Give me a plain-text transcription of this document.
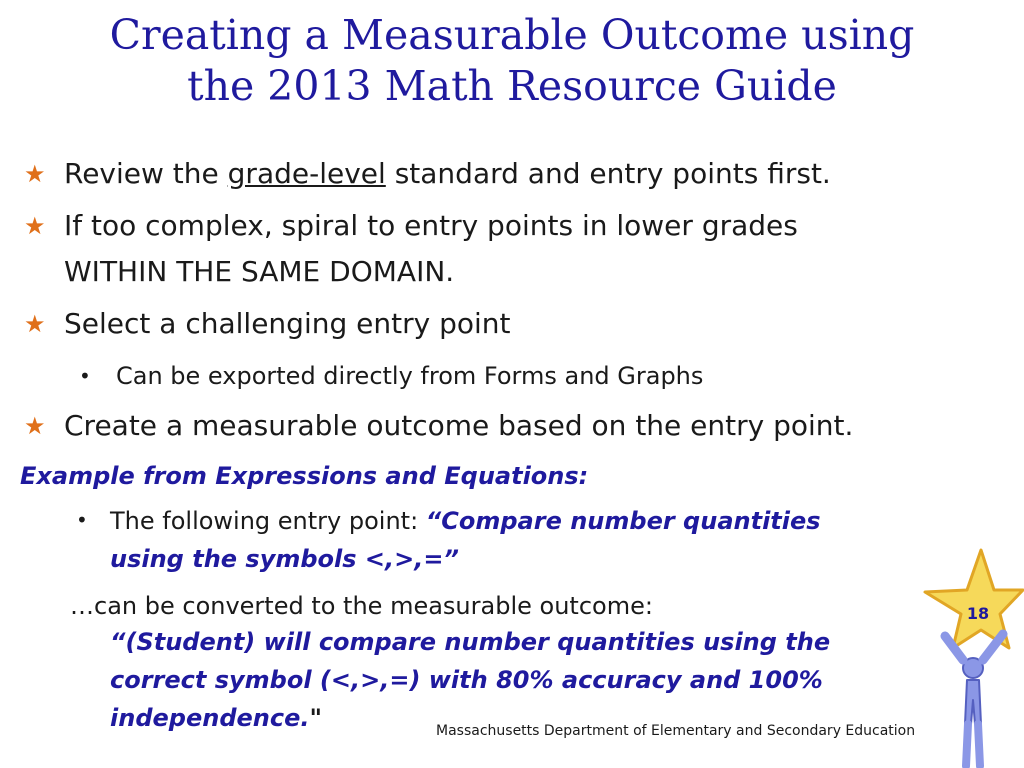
Creating a Measurable Outcome using
the 2013 Math Resource Guide
★ Review the grade-level standard and entry points first.
★ If too complex, spiral to entry points in lower grades
WITHIN THE SAME DOMAIN.
★ Select a challenging entry point
• Can be exported directly from Forms and Graphs
★ Create a measurable outcome based on the entry point.
Example from Expressions and Equations:
• The following entry point: “Compare number quantities
using the symbols <,>,=”
…can be converted to the measurable outcome:
“(Student) will compare number quantities using the
correct symbol (<,>,=) with 80% accuracy and 100%
independence."
18
Massachusetts Department of Elementary and Secondary Education
